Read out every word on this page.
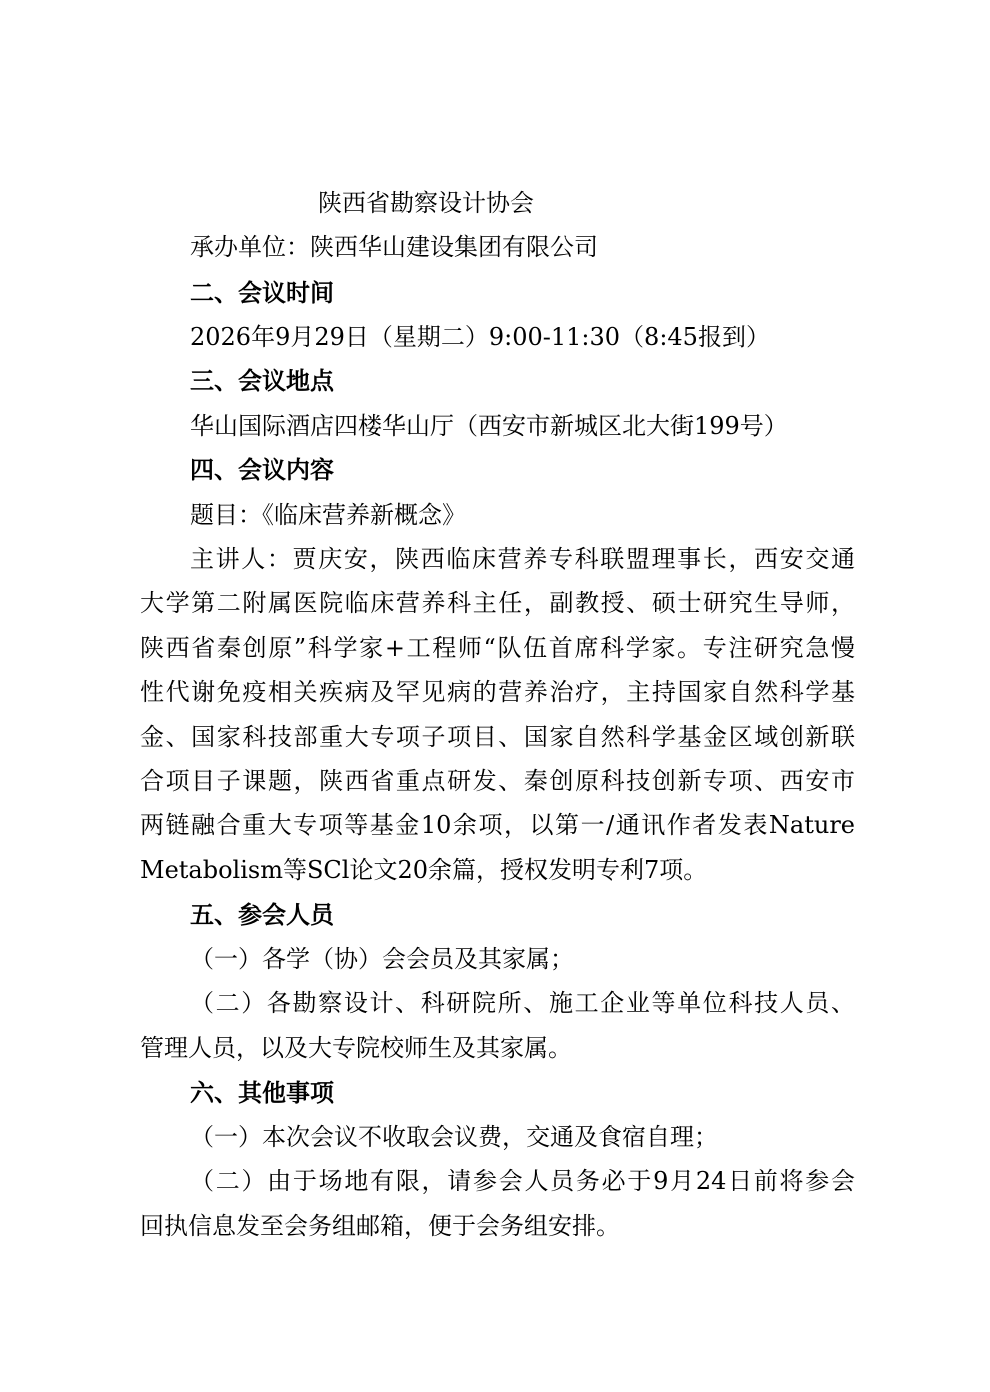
陕西省勘察设计协会

承办单位：陕西华山建设集团有限公司

二、会议时间

2026年9月29日（星期二）9:00-11:30（8:45报到）

三、会议地点

华山国际酒店四楼华山厅（西安市新城区北大街199号）

四、会议内容

题目：《临床营养新概念》

主讲人：贾庆安，陕西临床营养专科联盟理事长，西安交通

大学第二附属医院临床营养科主任，副教授、硕士研究生导师，

陕西省秦创原”科学家+工程师“队伍首席科学家。专注研究急慢

性代谢免疫相关疾病及罕见病的营养治疗，主持国家自然科学基

金、国家科技部重大专项子项目、国家自然科学基金区域创新联

合项目子课题，陕西省重点研发、秦创原科技创新专项、西安市

两链融合重大专项等基金10余项，以第一/通讯作者发表Nature

Metabolism等SCl论文20余篇，授权发明专利7项。

五、参会人员

（一）各学（协）会会员及其家属；

（二）各勘察设计、科研院所、施工企业等单位科技人员、

管理人员，以及大专院校师生及其家属。

六、其他事项

（一）本次会议不收取会议费，交通及食宿自理；

（二）由于场地有限，请参会人员务必于9月24日前将参会

回执信息发至会务组邮箱，便于会务组安排。
